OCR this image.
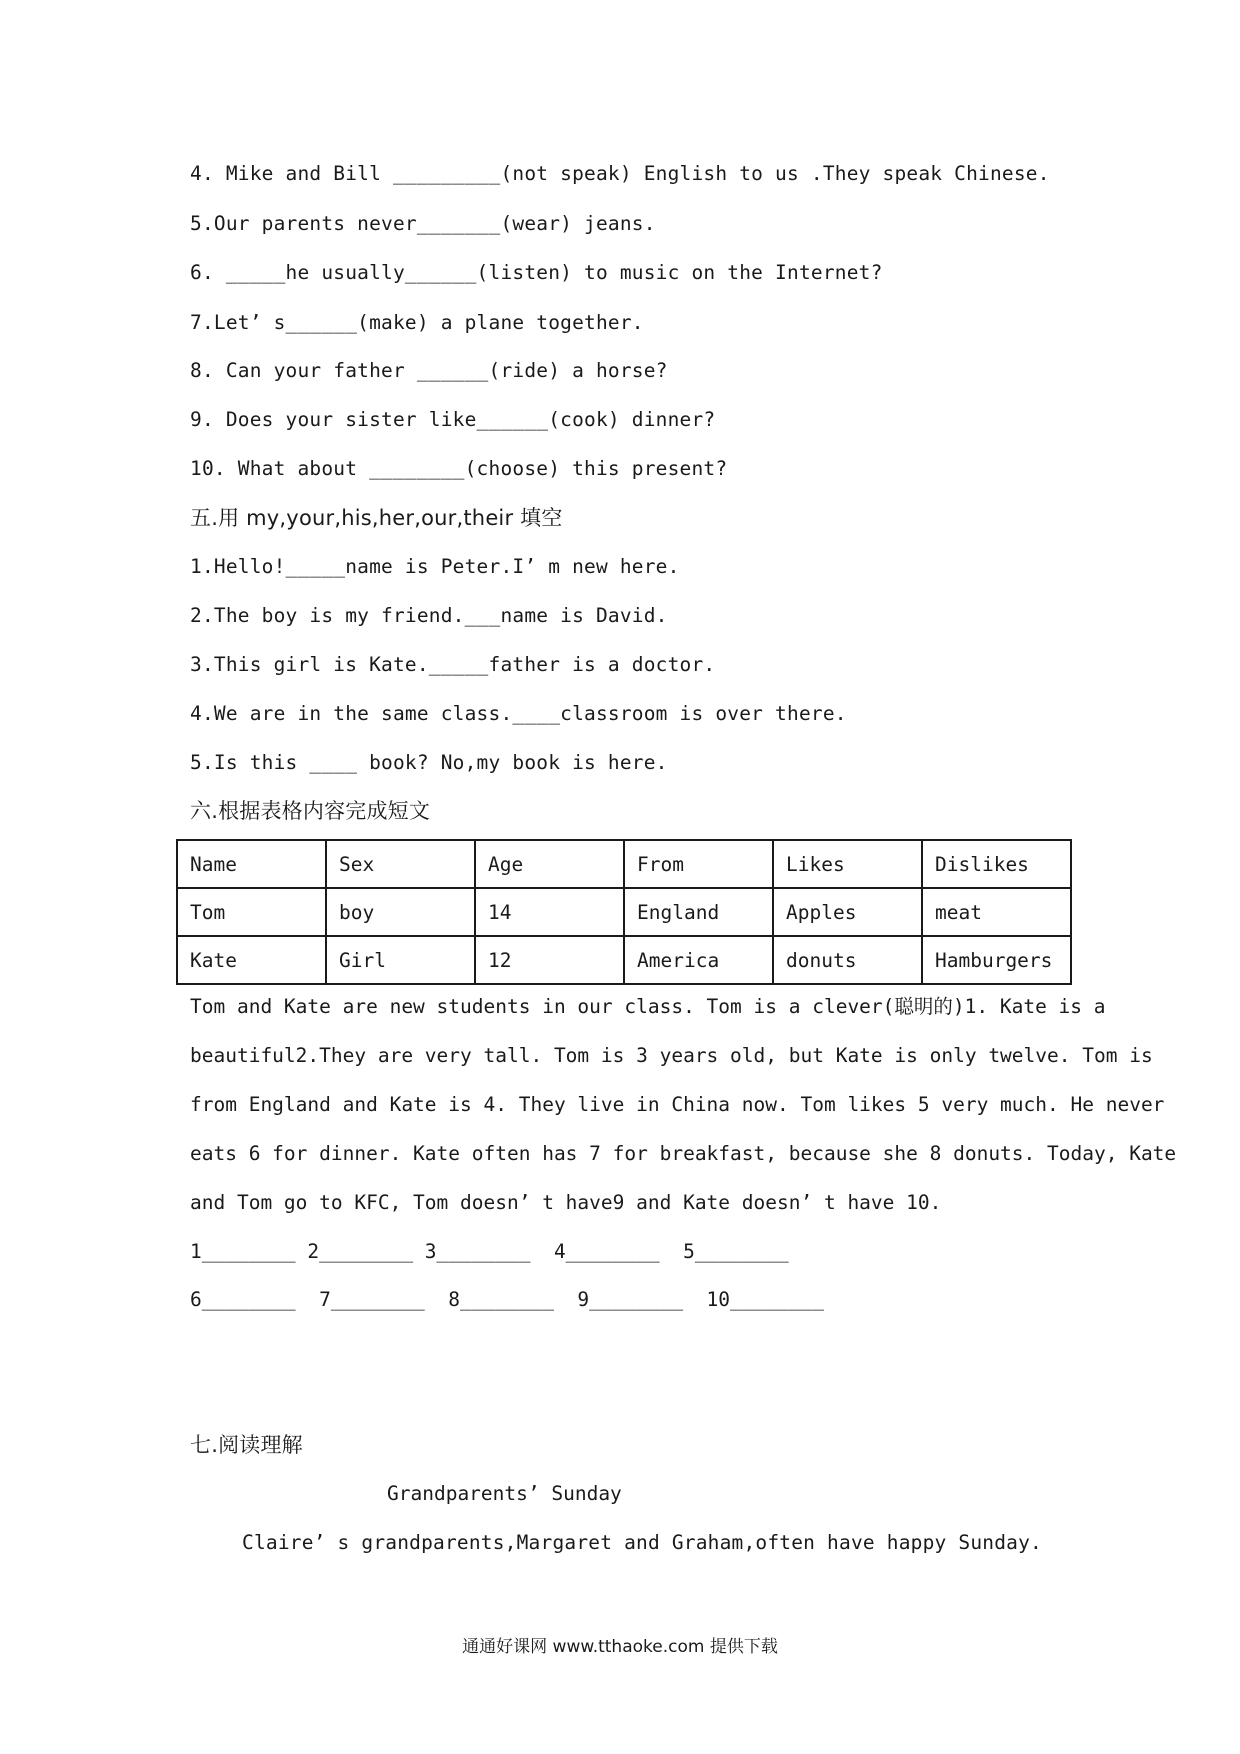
4. Mike and Bill _________(not speak) English to us .They speak Chinese.

5.Our parents never_______(wear) jeans.

6. _____he usually______(listen) to music on the Internet?

7.Let’ s______(make) a plane together.

8. Can your father ______(ride) a horse?

9. Does your sister like______(cook) dinner?

10. What about ________(choose) this present?

五.用 my,your,his,her,our,their 填空

1.Hello!_____name is Peter.I’ m new here.

2.The boy is my friend.___name is David.

3.This girl is Kate._____father is a doctor.

4.We are in the same class.____classroom is over there.

5.Is this ____ book? No,my book is here.

六.根据表格内容完成短文

Name	Sex	Age	From	Likes	Dislikes
Tom	boy	14	England	Apples	meat
Kate	Girl	12	America	donuts	Hamburgers

Tom and Kate are new students in our class. Tom is a clever(聪明的)1. Kate is a

beautiful2.They are very tall. Tom is 3 years old, but Kate is only twelve. Tom is

from England and Kate is 4. They live in China now. Tom likes 5 very much. He never

eats 6 for dinner. Kate often has 7 for breakfast, because she 8 donuts. Today, Kate

and Tom go to KFC, Tom doesn’ t have9 and Kate doesn’ t have 10.

1________ 2________ 3________  4________  5________

6________  7________  8________  9________  10________

七.阅读理解

Grandparents’ Sunday

Claire’ s grandparents,Margaret and Graham,often have happy Sunday.

通通好课网 www.tthaoke.com 提供下载
